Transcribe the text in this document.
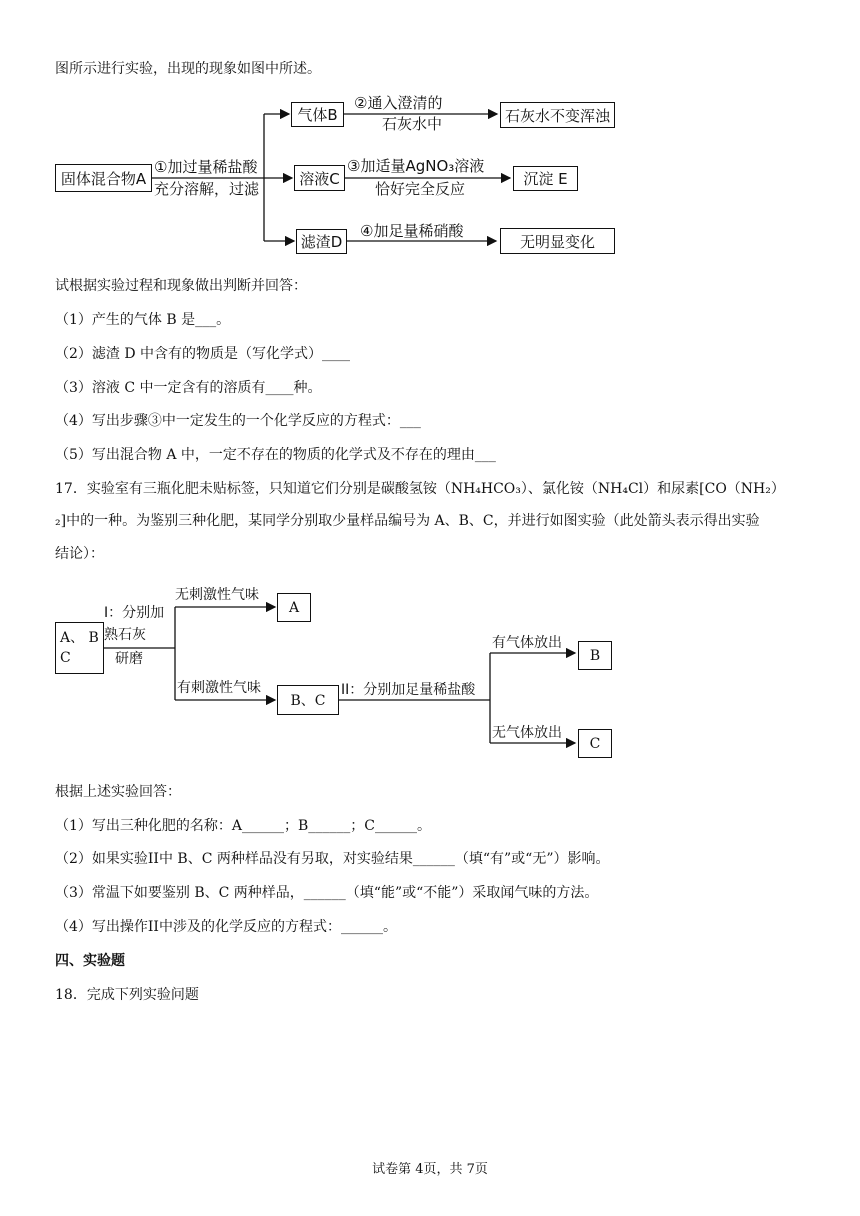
图所示进行实验，出现的现象如图中所述。
固体混合物A
①加过量稀盐酸
充分溶解，过滤
气体B
②通入澄清的
石灰水中	石灰水不变浑浊
溶液C
③加适量AgNO₃溶液
恰好完全反应
沉淀 E
滤渣D
④加足量稀硝酸
无明显变化
试根据实验过程和现象做出判断并回答：
（1）产生的气体 B 是___。
（2）滤渣 D 中含有的物质是（写化学式）____
（3）溶液 C 中一定含有的溶质有____种。
（4）写出步骤③中一定发生的一个化学反应的方程式：___
（5）写出混合物 A 中，一定不存在的物质的化学式及不存在的理由___
17．实验室有三瓶化肥未贴标签，只知道它们分别是碳酸氢铵（NH₄HCO₃）、氯化铵（NH₄Cl）和尿素[CO（NH₂）
₂]中的一种。为鉴别三种化肥，某同学分别取少量样品编号为 A、B、C，并进行如图实验（此处箭头表示得出实验
结论）：
A、 B
C
I：分别加
熟石灰
研磨
无刺激性气味
A
有刺激性气味
B、C
II：分别加足量稀盐酸
有气体放出
B
无气体放出
C
根据上述实验回答：
（1）写出三种化肥的名称：A______；B______；C______。
（2）如果实验II中 B、C 两种样品没有另取，对实验结果______（填“有”或“无”）影响。
（3）常温下如要鉴别 B、C 两种样品，______（填“能”或“不能”）采取闻气味的方法。
（4）写出操作II中涉及的化学反应的方程式：______。
四、实验题
18．完成下列实验问题
试卷第 4页，共 7页
